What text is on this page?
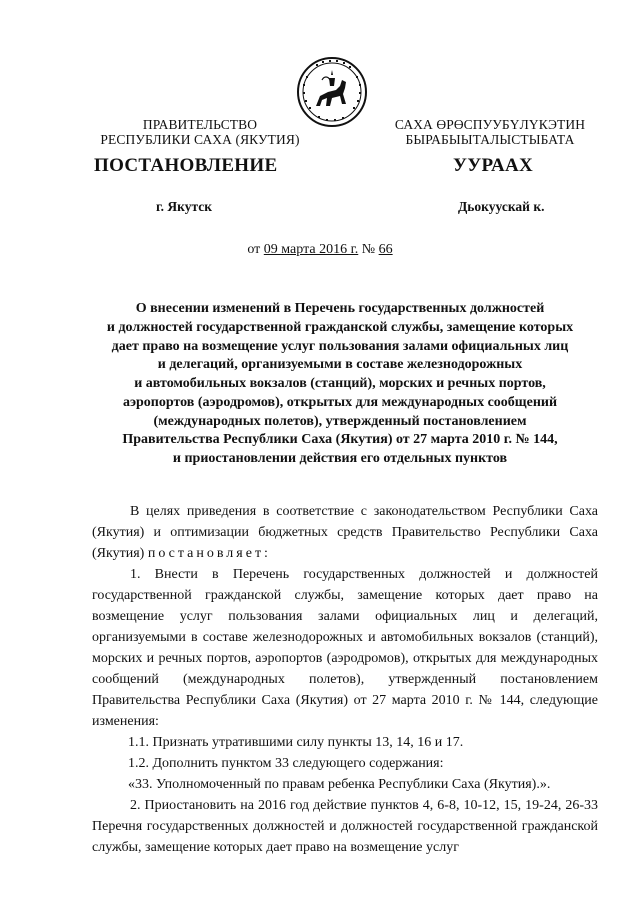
ПРАВИТЕЛЬСТВО
РЕСПУБЛИКИ САХА (ЯКУТИЯ)
САХА ӨРӨСПУУБҮЛҮКЭТИН
БЫРАБЫЫТАЛЫСТЫБАТА
ПОСТАНОВЛЕНИЕ	УУРААХ
г. Якутск	Дьокуускай к.
от 09 марта 2016 г. № 66
О внесении изменений в Перечень государственных должностей
и должностей государственной гражданской службы, замещение которых
дает право на возмещение услуг пользования залами официальных лиц
и делегаций, организуемыми в составе железнодорожных
и автомобильных вокзалов (станций), морских и речных портов,
аэропортов (аэродромов), открытых для международных сообщений
(международных полетов), утвержденный постановлением
Правительства Республики Саха (Якутия) от 27 марта 2010 г. № 144,
и приостановлении действия его отдельных пунктов

В целях приведения в соответствие с законодательством Республики Саха (Якутия) и оптимизации бюджетных средств Правительство Республики Саха (Якутия) постановляет:

1. Внести в Перечень государственных должностей и должностей государственной гражданской службы, замещение которых дает право на возмещение услуг пользования залами официальных лиц и делегаций, организуемыми в составе железнодорожных и автомобильных вокзалов (станций), морских и речных портов, аэропортов (аэродромов), открытых для международных сообщений (международных полетов), утвержденный постановлением Правительства Республики Саха (Якутия) от 27 марта 2010 г. № 144, следующие изменения:

1.1. Признать утратившими силу пункты 13, 14, 16 и 17.

1.2. Дополнить пунктом 33 следующего содержания:

«33. Уполномоченный по правам ребенка Республики Саха (Якутия).».

2. Приостановить на 2016 год действие пунктов 4, 6-8, 10-12, 15, 19-24, 26-33 Перечня государственных должностей и должностей государственной гражданской службы, замещение которых дает право на возмещение услуг
